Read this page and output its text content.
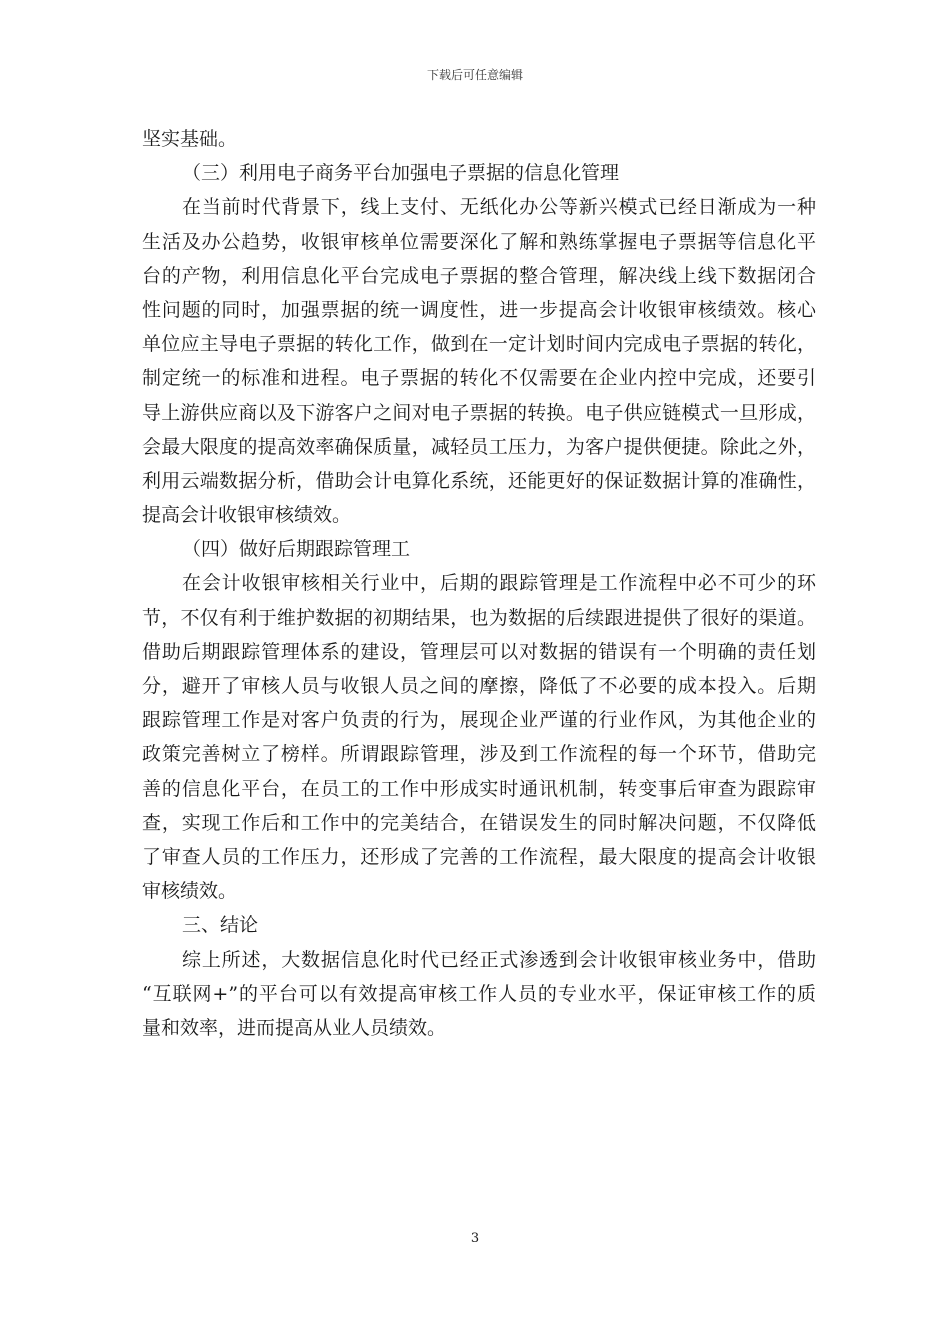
下载后可任意编辑
坚实基础。
（三）利用电子商务平台加强电子票据的信息化管理
在当前时代背景下，线上支付、无纸化办公等新兴模式已经日渐成为一种
生活及办公趋势，收银审核单位需要深化了解和熟练掌握电子票据等信息化平
台的产物，利用信息化平台完成电子票据的整合管理，解决线上线下数据闭合
性问题的同时，加强票据的统一调度性，进一步提高会计收银审核绩效。核心
单位应主导电子票据的转化工作，做到在一定计划时间内完成电子票据的转化，
制定统一的标准和进程。电子票据的转化不仅需要在企业内控中完成，还要引
导上游供应商以及下游客户之间对电子票据的转换。电子供应链模式一旦形成，
会最大限度的提高效率确保质量，减轻员工压力，为客户提供便捷。除此之外，
利用云端数据分析，借助会计电算化系统，还能更好的保证数据计算的准确性，
提高会计收银审核绩效。
（四）做好后期跟踪管理工
在会计收银审核相关行业中，后期的跟踪管理是工作流程中必不可少的环
节，不仅有利于维护数据的初期结果，也为数据的后续跟进提供了很好的渠道。
借助后期跟踪管理体系的建设，管理层可以对数据的错误有一个明确的责任划
分，避开了审核人员与收银人员之间的摩擦，降低了不必要的成本投入。后期
跟踪管理工作是对客户负责的行为，展现企业严谨的行业作风，为其他企业的
政策完善树立了榜样。所谓跟踪管理，涉及到工作流程的每一个环节，借助完
善的信息化平台，在员工的工作中形成实时通讯机制，转变事后审查为跟踪审
查，实现工作后和工作中的完美结合，在错误发生的同时解决问题，不仅降低
了审查人员的工作压力，还形成了完善的工作流程，最大限度的提高会计收银
审核绩效。
三、结论
综上所述，大数据信息化时代已经正式渗透到会计收银审核业务中，借助
“互联网+”的平台可以有效提高审核工作人员的专业水平，保证审核工作的质
量和效率，进而提高从业人员绩效。
3
